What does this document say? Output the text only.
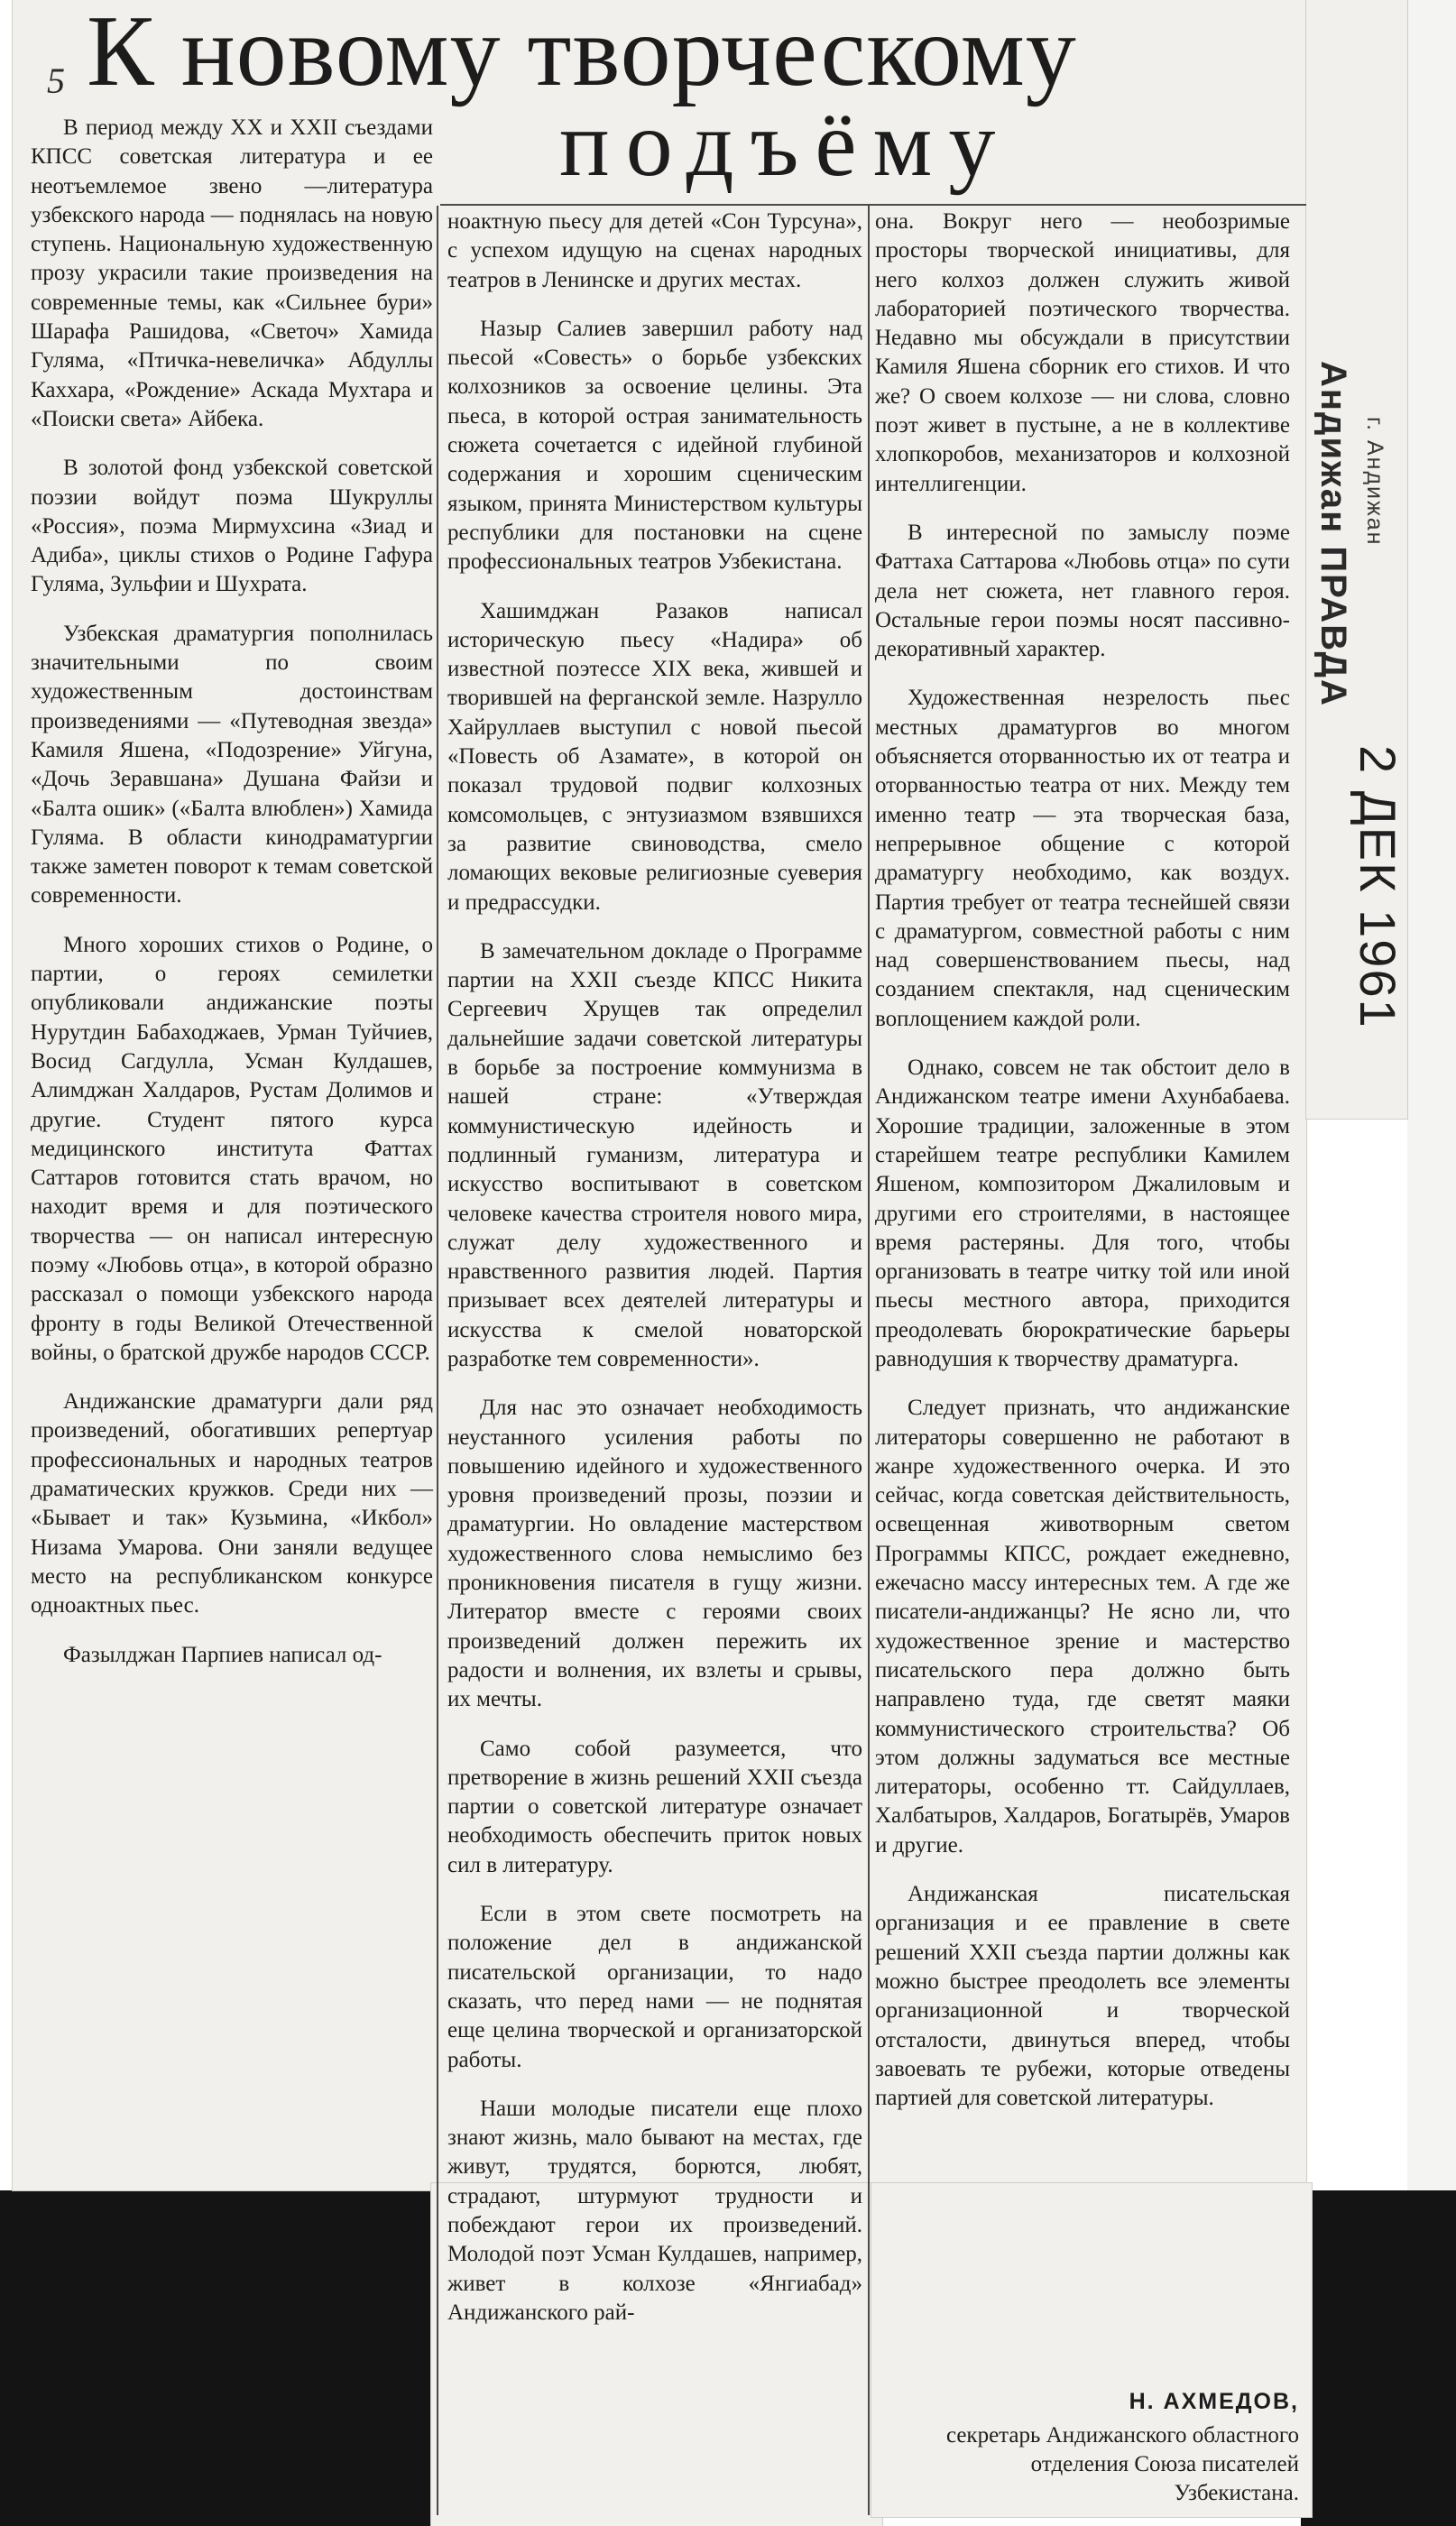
5 К новому творческому
подъёму

В период между XX и XXII съездами КПСС советская литература и ее неотъемлемое звено —литература узбекского народа — поднялась на новую ступень. Национальную художественную прозу украсили такие произведения на современные темы, как «Сильнее бури» Шарафа Рашидова, «Светоч» Хамида Гуляма, «Птичка-невеличка» Абдуллы Каххара, «Рождение» Аскада Мухтара и «Поиски света» Айбека.

В золотой фонд узбекской советской поэзии войдут поэма Шукруллы «Россия», поэма Мирмухсина «Зиад и Адиба», циклы стихов о Родине Гафура Гуляма, Зульфии и Шухрата.

Узбекская драматургия пополнилась значительными по своим художественным достоинствам произведениями — «Путеводная звезда» Камиля Яшена, «Подозрение» Уйгуна, «Дочь Зеравшана» Душана Файзи и «Балта ошик» («Балта влюблен») Хамида Гуляма. В области кинодраматургии также заметен поворот к темам советской современности.

Много хороших стихов о Родине, о партии, о героях семилетки опубликовали андижанские поэты Нурутдин Бабаходжаев, Урман Туйчиев, Восид Сагдулла, Усман Кулдашев, Алимджан Халдаров, Рустам Долимов и другие. Студент пятого курса медицинского института Фаттах Саттаров готовится стать врачом, но находит время и для поэтического творчества — он написал интересную поэму «Любовь отца», в которой образно рассказал о помощи узбекского народа фронту в годы Великой Отечественной войны, о братской дружбе народов СССР.

Андижанские драматурги дали ряд произведений, обогативших репертуар профессиональных и народных театров драматических кружков. Среди них — «Бывает и так» Кузьмина, «Икбол» Низама Умарова. Они заняли ведущее место на республиканском конкурсе одноактных пьес.

Фазылджан Парпиев написал од-

ноактную пьесу для детей «Сон Турсуна», с успехом идущую на сценах народных театров в Ленинске и других местах.

Назыр Салиев завершил работу над пьесой «Совесть» о борьбе узбекских колхозников за освоение целины. Эта пьеса, в которой острая занимательность сюжета сочетается с идейной глубиной содержания и хорошим сценическим языком, принята Министерством культуры республики для постановки на сцене профессиональных театров Узбекистана.

Хашимджан Разаков написал историческую пьесу «Надира» об известной поэтессе XIX века, жившей и творившей на ферганской земле. Назрулло Хайруллаев выступил с новой пьесой «Повесть об Азамате», в которой он показал трудовой подвиг колхозных комсомольцев, с энтузиазмом взявшихся за развитие свиноводства, смело ломающих вековые религиозные суеверия и предрассудки.

В замечательном докладе о Программе партии на XXII съезде КПСС Никита Сергеевич Хрущев так определил дальнейшие задачи советской литературы в борьбе за построение коммунизма в нашей стране: «Утверждая коммунистическую идейность и подлинный гуманизм, литература и искусство воспитывают в советском человеке качества строителя нового мира, служат делу художественного и нравственного развития людей. Партия призывает всех деятелей литературы и искусства к смелой новаторской разработке тем современности».

Для нас это означает необходимость неустанного усиления работы по повышению идейного и художественного уровня произведений прозы, поэзии и драматургии. Но овладение мастерством художественного слова немыслимо без проникновения писателя в гущу жизни. Литератор вместе с героями своих произведений должен пережить их радости и волнения, их взлеты и срывы, их мечты.

Само собой разумеется, что претворение в жизнь решений XXII съезда партии о советской литературе означает необходимость обеспечить приток новых сил в литературу.

Если в этом свете посмотреть на положение дел в андижанской писательской организации, то надо сказать, что перед нами — не поднятая еще целина творческой и организаторской работы.

Наши молодые писатели еще плохо знают жизнь, мало бывают на местах, где живут, трудятся, борются, любят, страдают, штурмуют трудности и побеждают герои их произведений. Молодой поэт Усман Кулдашев, например, живет в колхозе «Янгиабад» Андижанского рай-

она. Вокруг него — необозримые просторы творческой инициативы, для него колхоз должен служить живой лабораторией поэтического творчества. Недавно мы обсуждали в присутствии Камиля Яшена сборник его стихов. И что же? О своем колхозе — ни слова, словно поэт живет в пустыне, а не в коллективе хлопкоробов, механизаторов и колхозной интеллигенции.

В интересной по замыслу поэме Фаттаха Саттарова «Любовь отца» по сути дела нет сюжета, нет главного героя. Остальные герои поэмы носят пассивно-декоративный характер.

Художественная незрелость пьес местных драматургов во многом объясняется оторванностью их от театра и оторванностью театра от них. Между тем именно театр — эта творческая база, непрерывное общение с которой драматургу необходимо, как воздух. Партия требует от театра теснейшей связи с драматургом, совместной работы с ним над совершенствованием пьесы, над созданием спектакля, над сценическим воплощением каждой роли.

Однако, совсем не так обстоит дело в Андижанском театре имени Ахунбабаева. Хорошие традиции, заложенные в этом старейшем театре республики Камилем Яшеном, композитором Джалиловым и другими его строителями, в настоящее время растеряны. Для того, чтобы организовать в театре читку той или иной пьесы местного автора, приходится преодолевать бюрократические барьеры равнодушия к творчеству драматурга.

Следует признать, что андижанские литераторы совершенно не работают в жанре художественного очерка. И это сейчас, когда советская действительность, освещенная животворным светом Программы КПСС, рождает ежедневно, ежечасно массу интересных тем. А где же писатели-андижанцы? Не ясно ли, что художественное зрение и мастерство писательского пера должно быть направлено туда, где светят маяки коммунистического строительства? Об этом должны задуматься все местные литераторы, особенно тт. Сайдуллаев, Халбатыров, Халдаров, Богатырёв, Умаров и другие.

Андижанская писательская организация и ее правление в свете решений XXII съезда партии должны как можно быстрее преодолеть все элементы организационной и творческой отсталости, двинуться вперед, чтобы завоевать те рубежи, которые отведены партией для советской литературы.

Н. АХМЕДОВ,
секретарь Андижанского областного отделения Союза писателей Узбекистана.
Андижан ПРАВДА г. Андижан
2 ДЕК 1961
